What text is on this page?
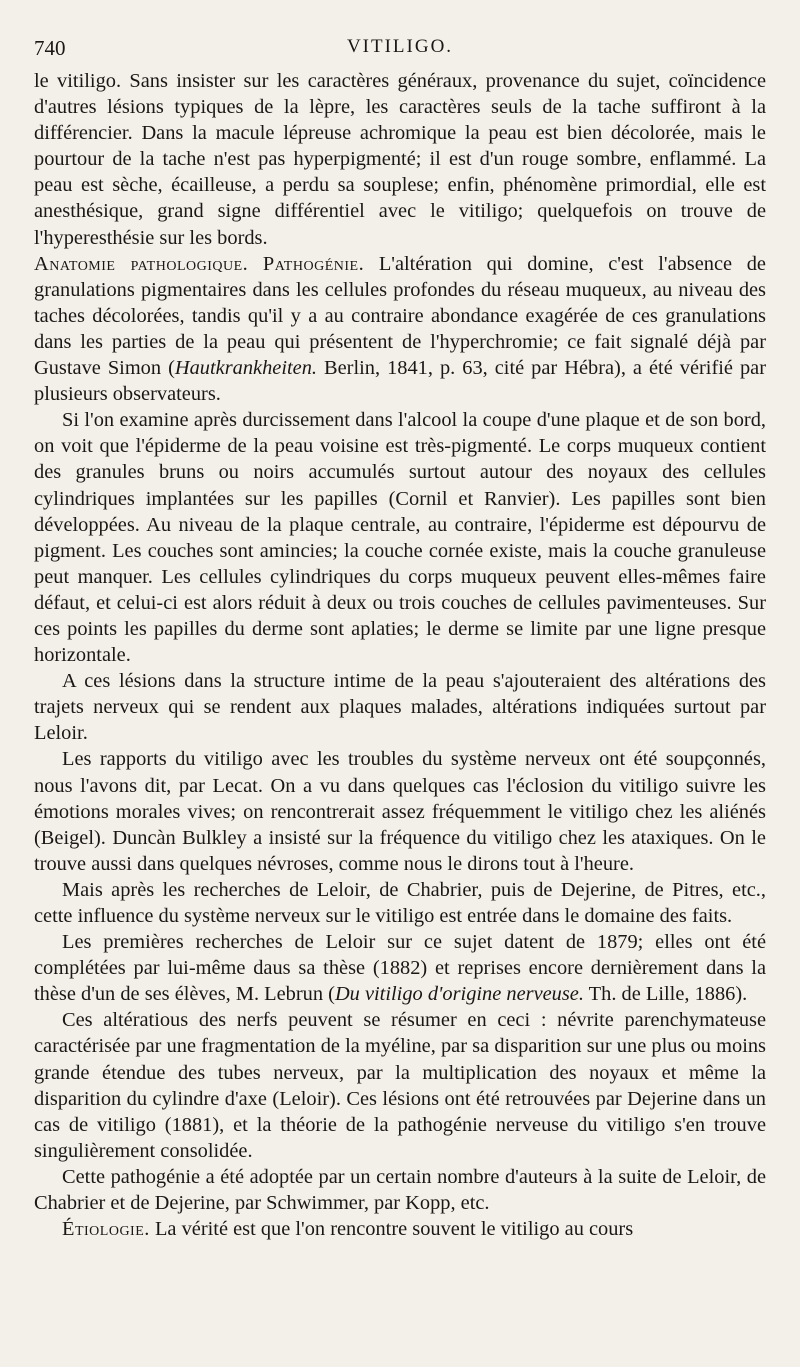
740	VITILIGO.

le vitiligo. Sans insister sur les caractères généraux, provenance du sujet, coïncidence d'autres lésions typiques de la lèpre, les caractères seuls de la tache suffiront à la différencier. Dans la macule lépreuse achromique la peau est bien décolorée, mais le pourtour de la tache n'est pas hyperpigmenté; il est d'un rouge sombre, enflammé. La peau est sèche, écailleuse, a perdu sa souplese; enfin, phénomène primordial, elle est anesthésique, grand signe différentiel avec le vitiligo; quelquefois on trouve de l'hyperesthésie sur les bords.

Anatomie pathologique. Pathogénie. L'altération qui domine, c'est l'absence de granulations pigmentaires dans les cellules profondes du réseau muqueux, au niveau des taches décolorées, tandis qu'il y a au contraire abondance exagérée de ces granulations dans les parties de la peau qui présentent de l'hyperchromie; ce fait signalé déjà par Gustave Simon (Hautkrankheiten. Berlin, 1841, p. 63, cité par Hébra), a été vérifié par plusieurs observateurs.

Si l'on examine après durcissement dans l'alcool la coupe d'une plaque et de son bord, on voit que l'épiderme de la peau voisine est très-pigmenté. Le corps muqueux contient des granules bruns ou noirs accumulés surtout autour des noyaux des cellules cylindriques implantées sur les papilles (Cornil et Ranvier). Les papilles sont bien développées. Au niveau de la plaque centrale, au contraire, l'épiderme est dépourvu de pigment. Les couches sont amincies; la couche cornée existe, mais la couche granuleuse peut manquer. Les cellules cylindriques du corps muqueux peuvent elles-mêmes faire défaut, et celui-ci est alors réduit à deux ou trois couches de cellules pavimenteuses. Sur ces points les papilles du derme sont aplaties; le derme se limite par une ligne presque horizontale.

A ces lésions dans la structure intime de la peau s'ajouteraient des altérations des trajets nerveux qui se rendent aux plaques malades, altérations indiquées surtout par Leloir.

Les rapports du vitiligo avec les troubles du système nerveux ont été soupçonnés, nous l'avons dit, par Lecat. On a vu dans quelques cas l'éclosion du vitiligo suivre les émotions morales vives; on rencontrerait assez fréquemment le vitiligo chez les aliénés (Beigel). Duncàn Bulkley a insisté sur la fréquence du vitiligo chez les ataxiques. On le trouve aussi dans quelques névroses, comme nous le dirons tout à l'heure.

Mais après les recherches de Leloir, de Chabrier, puis de Dejerine, de Pitres, etc., cette influence du système nerveux sur le vitiligo est entrée dans le domaine des faits.

Les premières recherches de Leloir sur ce sujet datent de 1879; elles ont été complétées par lui-même daus sa thèse (1882) et reprises encore dernièrement dans la thèse d'un de ses élèves, M. Lebrun (Du vitiligo d'origine nerveuse. Th. de Lille, 1886).

Ces altératious des nerfs peuvent se résumer en ceci : névrite parenchymateuse caractérisée par une fragmentation de la myéline, par sa disparition sur une plus ou moins grande étendue des tubes nerveux, par la multiplication des noyaux et même la disparition du cylindre d'axe (Leloir). Ces lésions ont été retrouvées par Dejerine dans un cas de vitiligo (1881), et la théorie de la pathogénie nerveuse du vitiligo s'en trouve singulièrement consolidée.

Cette pathogénie a été adoptée par un certain nombre d'auteurs à la suite de Leloir, de Chabrier et de Dejerine, par Schwimmer, par Kopp, etc.

Étiologie. La vérité est que l'on rencontre souvent le vitiligo au cours
